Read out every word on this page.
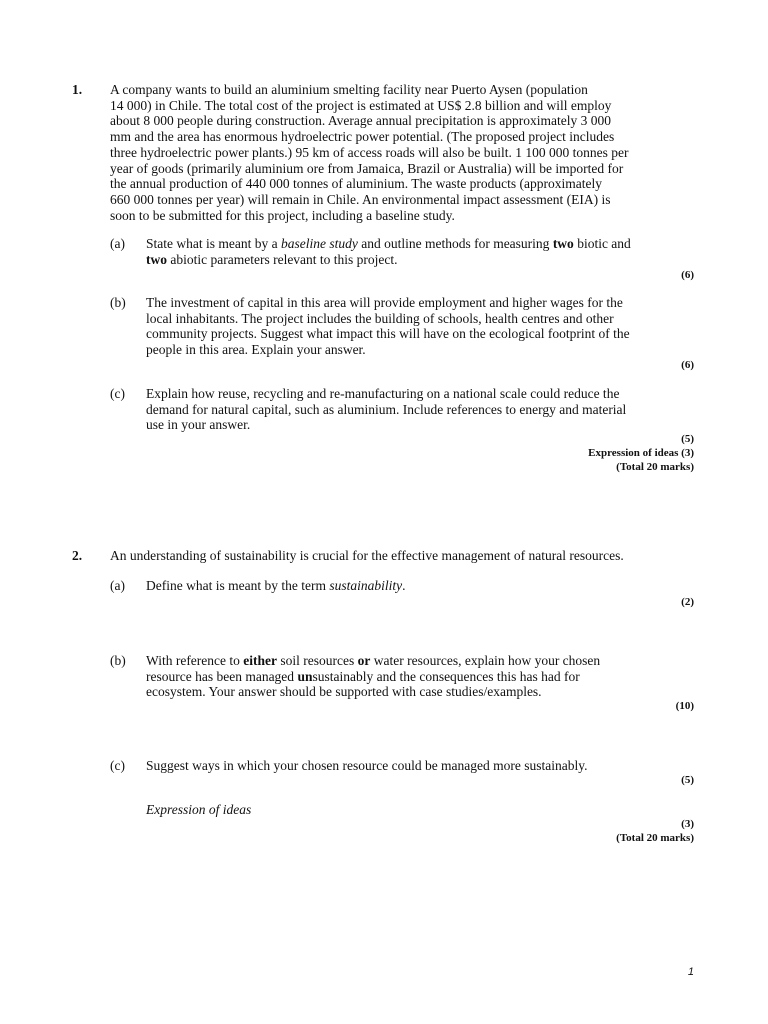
1. A company wants to build an aluminium smelting facility near Puerto Aysen (population
14 000) in Chile. The total cost of the project is estimated at US$ 2.8 billion and will employ
about 8 000 people during construction. Average annual precipitation is approximately 3 000
mm and the area has enormous hydroelectric power potential. (The proposed project includes
three hydroelectric power plants.) 95 km of access roads will also be built. 1 100 000 tonnes per
year of goods (primarily aluminium ore from Jamaica, Brazil or Australia) will be imported for
the annual production of 440 000 tonnes of aluminium. The waste products (approximately
660 000 tonnes per year) will remain in Chile. An environmental impact assessment (EIA) is
soon to be submitted for this project, including a baseline study.
(a) State what is meant by a baseline study and outline methods for measuring two biotic and
two abiotic parameters relevant to this project.
(6)
(b) The investment of capital in this area will provide employment and higher wages for the
local inhabitants. The project includes the building of schools, health centres and other
community projects. Suggest what impact this will have on the ecological footprint of the
people in this area. Explain your answer.
(6)
(c) Explain how reuse, recycling and re-manufacturing on a national scale could reduce the
demand for natural capital, such as aluminium. Include references to energy and material
use in your answer.
(5)
Expression of ideas (3)
(Total 20 marks)
2. An understanding of sustainability is crucial for the effective management of natural resources.
(a) Define what is meant by the term sustainability.
(2)
(b) With reference to either soil resources or water resources, explain how your chosen
resource has been managed unsustainably and the consequences this has had for
ecosystem. Your answer should be supported with case studies/examples.
(10)
(c) Suggest ways in which your chosen resource could be managed more sustainably.
(5)
Expression of ideas
(3)
(Total 20 marks)
1
